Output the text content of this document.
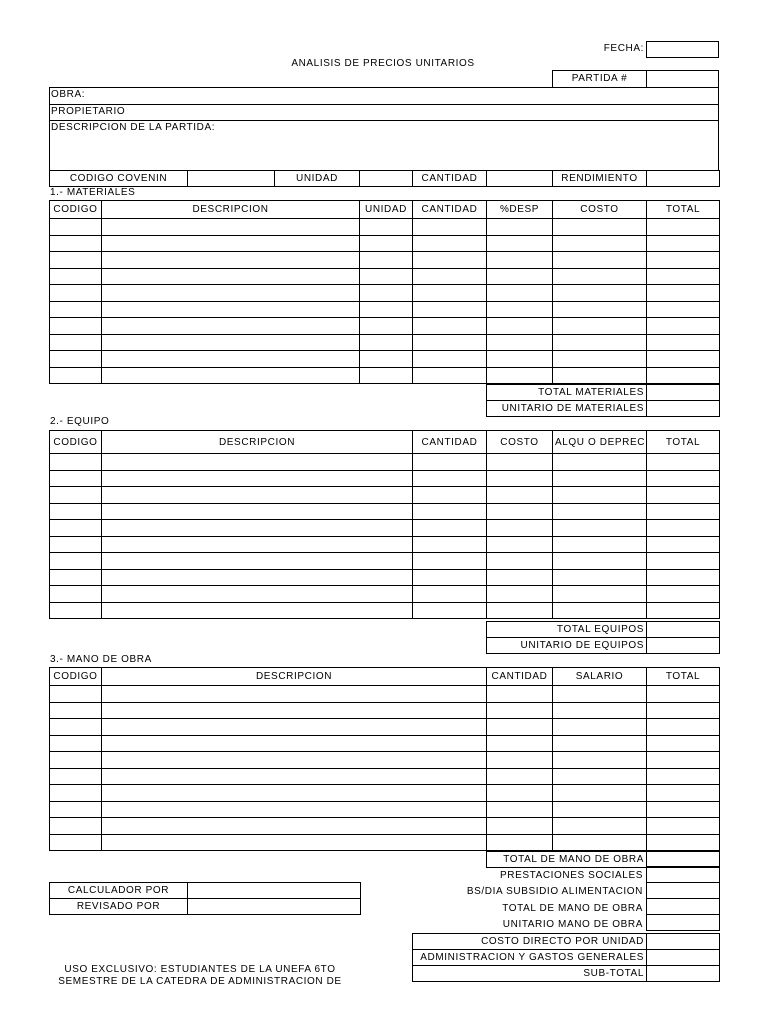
FECHA:
ANALISIS DE PRECIOS UNITARIOS
PARTIDA #
OBRA:
PROPIETARIO
DESCRIPCION DE LA PARTIDA:
CODIGO COVENIN		UNIDAD		CANTIDAD		RENDIMIENTO	
1.- MATERIALES
CODIGO	DESCRIPCION	UNIDAD	CANTIDAD	%DESP	COSTO	TOTAL

TOTAL MATERIALES	
UNITARIO DE MATERIALES	
2.- EQUIPO
CODIGO	DESCRIPCION	CANTIDAD	COSTO	ALQU O DEPREC	TOTAL

TOTAL EQUIPOS	
UNITARIO DE EQUIPOS	
3.- MANO DE OBRA
CODIGO	DESCRIPCION	CANTIDAD	SALARIO	TOTAL

TOTAL DE MANO DE OBRA	
PRESTACIONES SOCIALES
BS/DIA SUBSIDIO ALIMENTACION
TOTAL DE MANO DE OBRA
UNITARIO MANO DE OBRA

COSTO DIRECTO POR UNIDAD	
ADMINISTRACION Y GASTOS GENERALES	
SUB-TOTAL	
CALCULADOR POR	
REVISADO POR	
USO EXCLUSIVO: ESTUDIANTES DE LA UNEFA 6TO
SEMESTRE DE LA CATEDRA DE ADMINISTRACION DE
